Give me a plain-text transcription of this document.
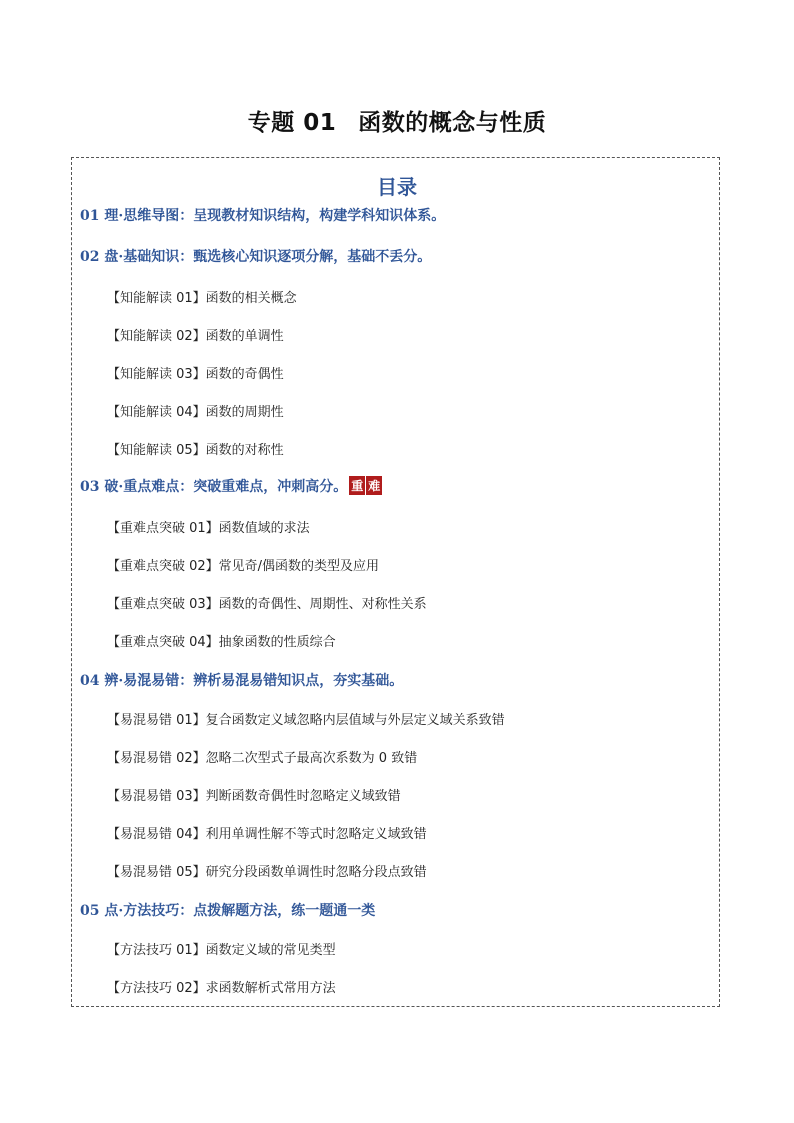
专题 01 函数的概念与性质
目录
01 理·思维导图：呈现教材知识结构，构建学科知识体系。
02 盘·基础知识：甄选核心知识逐项分解，基础不丢分。
【知能解读 01】函数的相关概念
【知能解读 02】函数的单调性
【知能解读 03】函数的奇偶性
【知能解读 04】函数的周期性
【知能解读 05】函数的对称性
03 破·重点难点：突破重难点，冲刺高分。 重 难
【重难点突破 01】函数值域的求法
【重难点突破 02】常见奇/偶函数的类型及应用
【重难点突破 03】函数的奇偶性、周期性、对称性关系
【重难点突破 04】抽象函数的性质综合
04 辨·易混易错：辨析易混易错知识点，夯实基础。
【易混易错 01】复合函数定义域忽略内层值域与外层定义域关系致错
【易混易错 02】忽略二次型式子最高次系数为 0 致错
【易混易错 03】判断函数奇偶性时忽略定义域致错
【易混易错 04】利用单调性解不等式时忽略定义域致错
【易混易错 05】研究分段函数单调性时忽略分段点致错
05 点·方法技巧：点拨解题方法，练一题通一类
【方法技巧 01】函数定义域的常见类型
【方法技巧 02】求函数解析式常用方法
